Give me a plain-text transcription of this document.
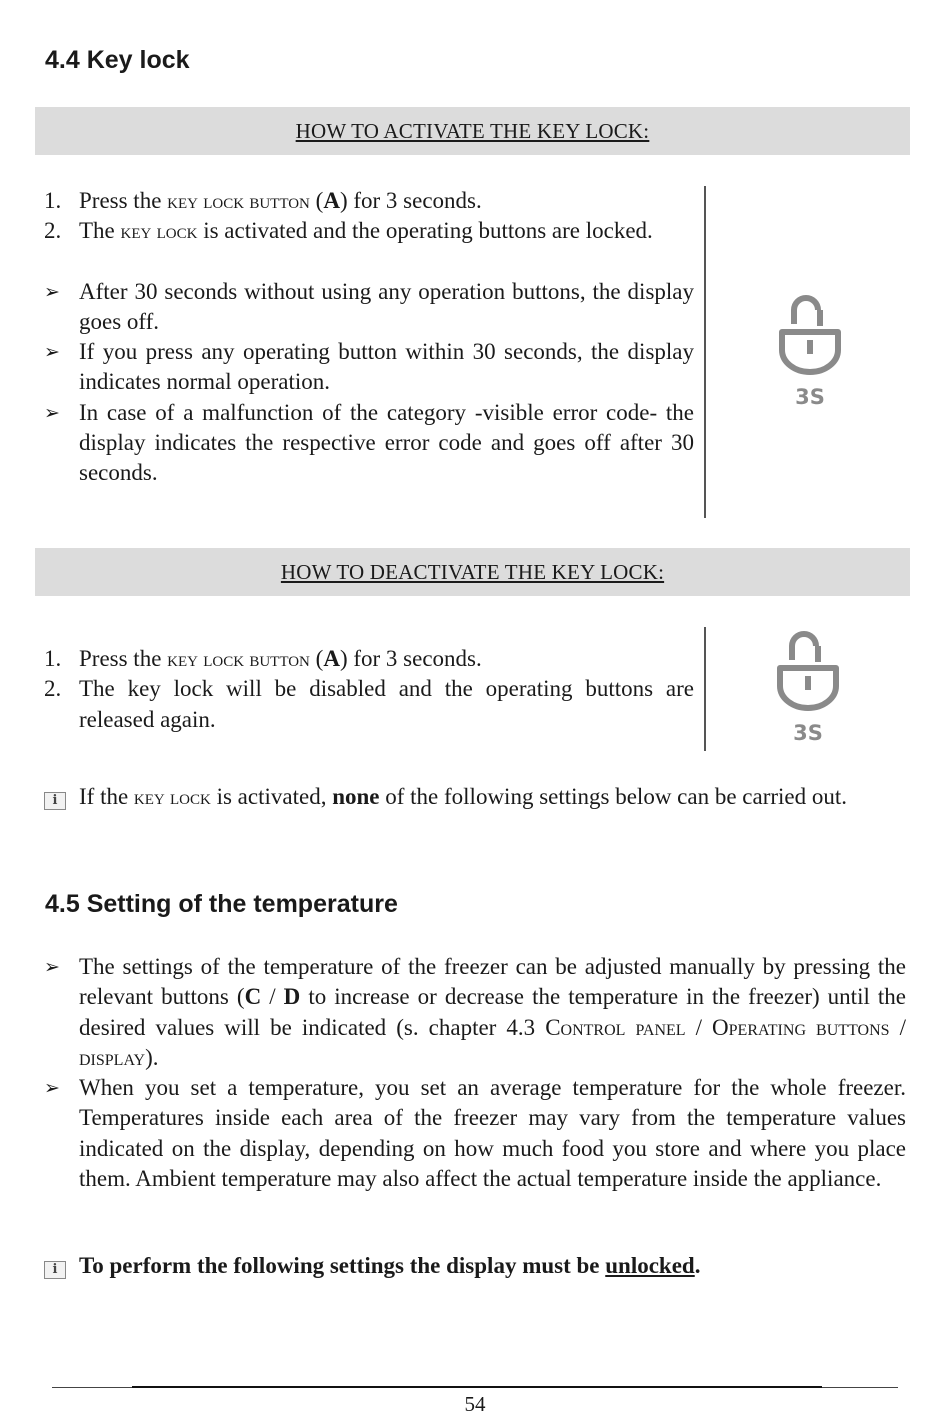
4.4 Key lock
HOW TO ACTIVATE THE KEY LOCK:
1. Press the key lock button (A) for 3 seconds.
2. The key lock is activated and the operating buttons are locked.
➢ After 30 seconds without using any operation buttons, the display goes off.
➢ If you press any operating button within 30 seconds, the display indicates normal operation.
➢ In case of a malfunction of the category -visible error code- the display indicates the respective error code and goes off after 30 seconds.
3S
HOW TO DEACTIVATE THE KEY LOCK:
1. Press the key lock button (A) for 3 seconds.
2. The key lock will be disabled and the operating buttons are released again.
3S
i If the key lock is activated, none of the following settings below can be carried out.
4.5 Setting of the temperature
➢ The settings of the temperature of the freezer can be adjusted manually by pressing the relevant buttons (C / D to increase or decrease the temperature in the freezer) until the desired values will be indicated (s. chapter 4.3 Control panel / Operating buttons / display).
➢ When you set a temperature, you set an average temperature for the whole freezer. Temperatures inside each area of the freezer may vary from the temperature values indicated on the display, depending on how much food you store and where you place them. Ambient temperature may also affect the actual temperature inside the appliance.
i To perform the following settings the display must be unlocked.
54
